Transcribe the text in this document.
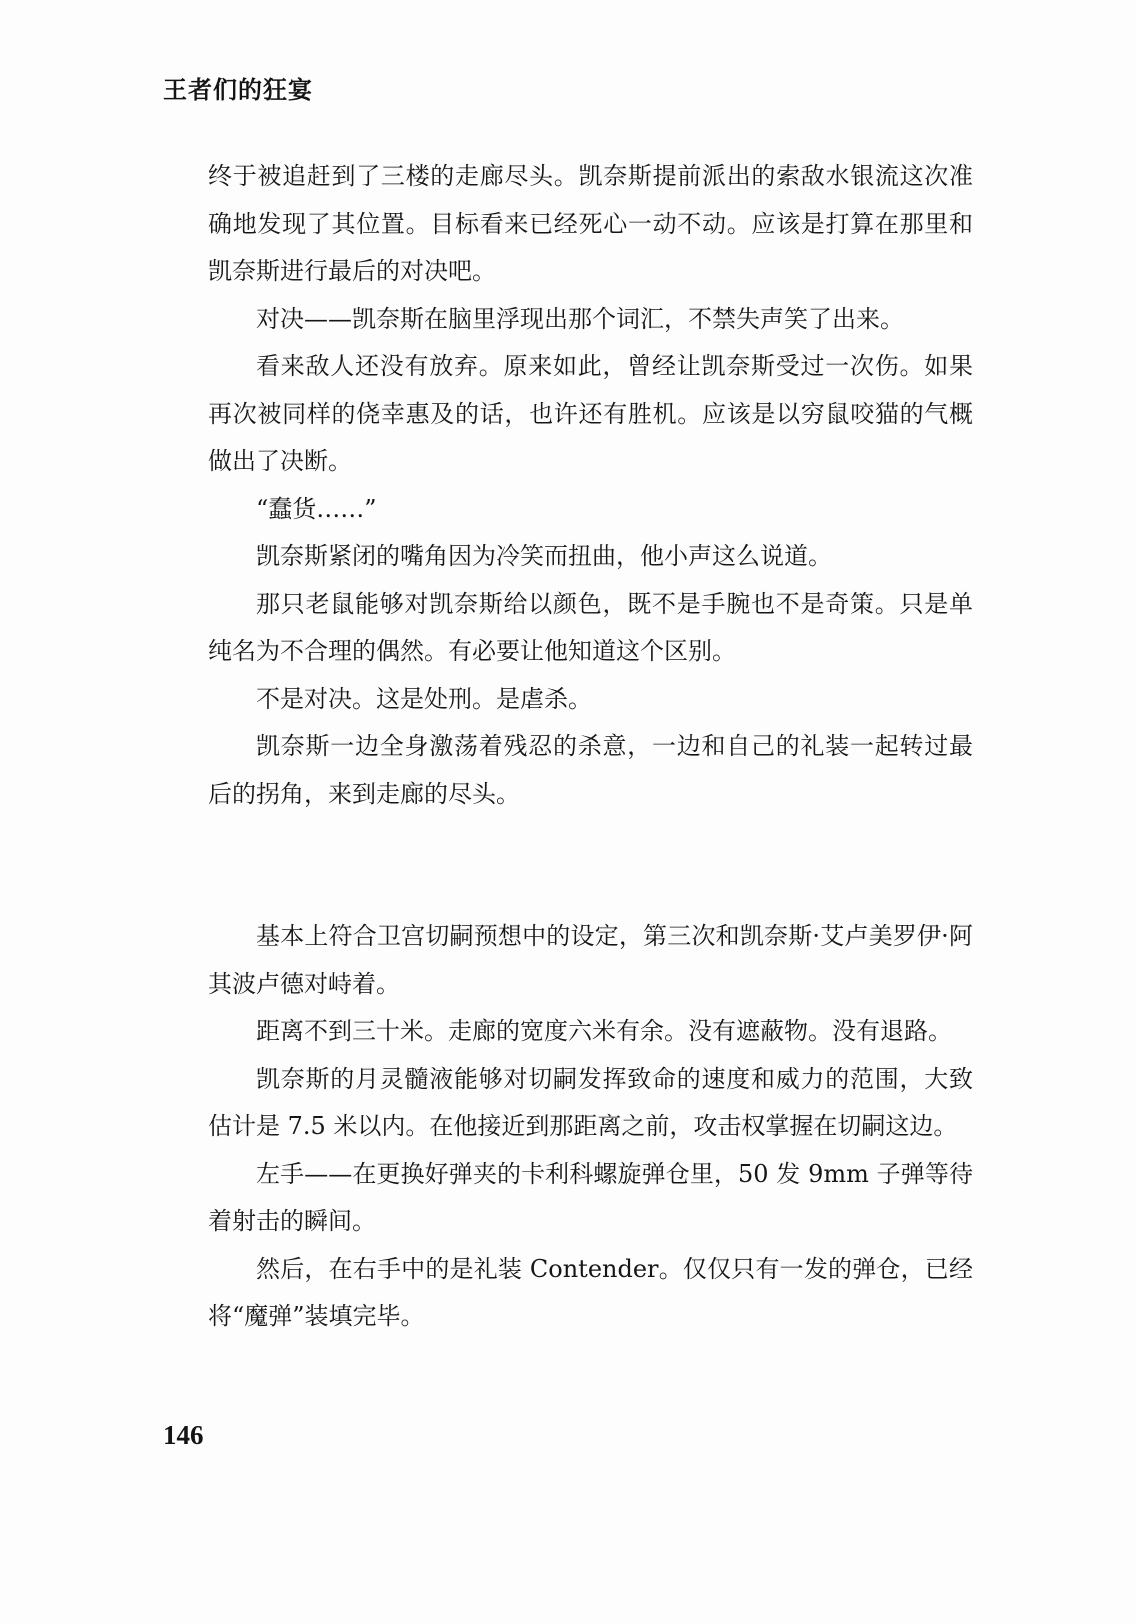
王者们的狂宴

终于被追赶到了三楼的走廊尽头。凯奈斯提前派出的索敌水银流这次准确地发现了其位置。目标看来已经死心一动不动。应该是打算在那里和凯奈斯进行最后的对决吧。

对决——凯奈斯在脑里浮现出那个词汇，不禁失声笑了出来。

看来敌人还没有放弃。原来如此，曾经让凯奈斯受过一次伤。如果再次被同样的侥幸惠及的话，也许还有胜机。应该是以穷鼠咬猫的气概做出了决断。

“蠢货……”

凯奈斯紧闭的嘴角因为冷笑而扭曲，他小声这么说道。

那只老鼠能够对凯奈斯给以颜色，既不是手腕也不是奇策。只是单纯名为不合理的偶然。有必要让他知道这个区别。

不是对决。这是处刑。是虐杀。

凯奈斯一边全身激荡着残忍的杀意，一边和自己的礼装一起转过最后的拐角，来到走廊的尽头。

基本上符合卫宫切嗣预想中的设定，第三次和凯奈斯·艾卢美罗伊·阿其波卢德对峙着。

距离不到三十米。走廊的宽度六米有余。没有遮蔽物。没有退路。

凯奈斯的月灵髓液能够对切嗣发挥致命的速度和威力的范围，大致估计是 7.5 米以内。在他接近到那距离之前，攻击权掌握在切嗣这边。

左手——在更换好弹夹的卡利科螺旋弹仓里，50 发 9mm 子弹等待着射击的瞬间。

然后，在右手中的是礼装 Contender。仅仅只有一发的弹仓，已经将“魔弹”装填完毕。

146
